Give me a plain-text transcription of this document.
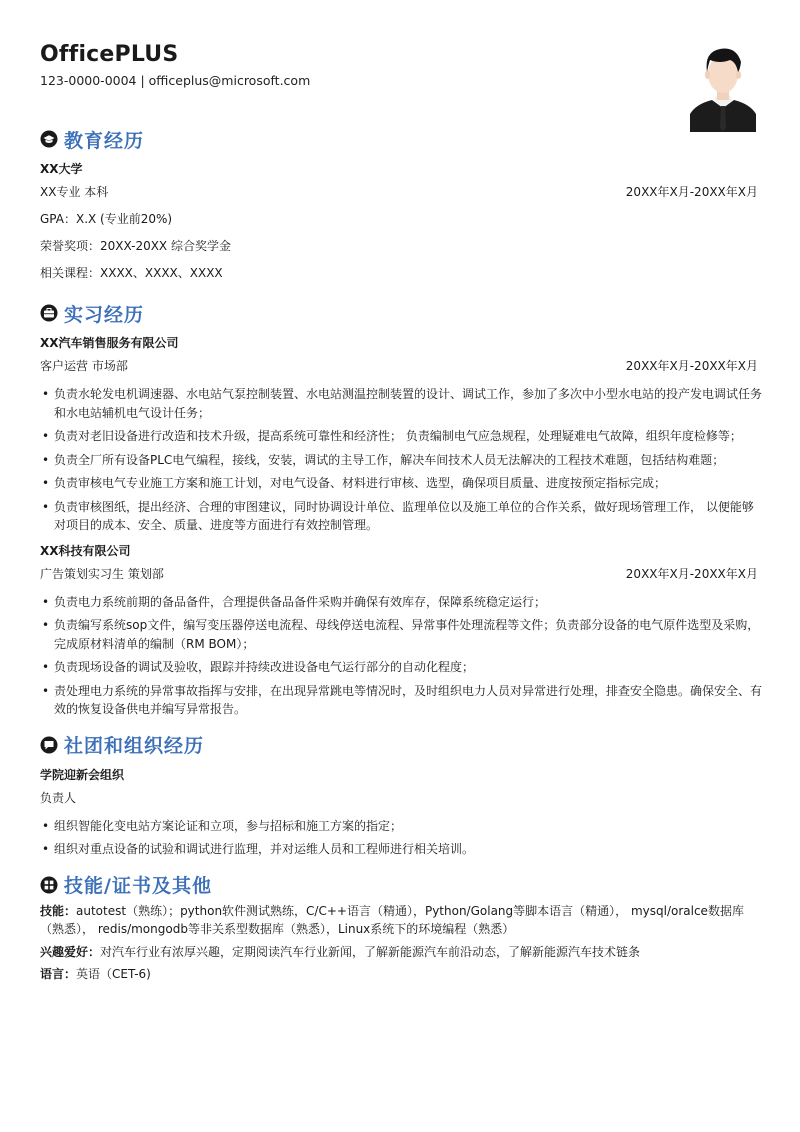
OfficePLUS
123-0000-0004 | officeplus@microsoft.com
教育经历
XX大学
XX专业 本科	20XX年X月-20XX年X月
GPA：X.X (专业前20%)
荣誉奖项：20XX-20XX 综合奖学金
相关课程：XXXX、XXXX、XXXX
实习经历
XX汽车销售服务有限公司
客户运营 市场部	20XX年X月-20XX年X月
• 负责水轮发电机调速器、水电站气泵控制装置、水电站测温控制装置的设计、调试工作，参加了多次中小型水电站的投产发电调试任务和水电站辅机电气设计任务；
• 负责对老旧设备进行改造和技术升级，提高系统可靠性和经济性； 负责编制电气应急规程，处理疑难电气故障，组织年度检修等；
• 负责全厂所有设备PLC电气编程，接线，安装，调试的主导工作，解决车间技术人员无法解决的工程技术难题，包括结构难题；
• 负责审核电气专业施工方案和施工计划，对电气设备、材料进行审核、选型，确保项目质量、进度按预定指标完成；
• 负责审核图纸，提出经济、合理的审图建议，同时协调设计单位、监理单位以及施工单位的合作关系，做好现场管理工作， 以便能够对项目的成本、安全、质量、进度等方面进行有效控制管理。
XX科技有限公司
广告策划实习生 策划部	20XX年X月-20XX年X月
• 负责电力系统前期的备品备件，合理提供备品备件采购并确保有效库存，保障系统稳定运行；
• 负责编写系统sop文件，编写变压器停送电流程、母线停送电流程、异常事件处理流程等文件；负责部分设备的电气原件选型及采购，完成原材料清单的编制（RM BOM）；
• 负责现场设备的调试及验收，跟踪并持续改进设备电气运行部分的自动化程度；
• 责处理电力系统的异常事故指挥与安排，在出现异常跳电等情况时，及时组织电力人员对异常进行处理，排查安全隐患。确保安全、有效的恢复设备供电并编写异常报告。
社团和组织经历
学院迎新会组织
负责人
• 组织智能化变电站方案论证和立项，参与招标和施工方案的指定；
• 组织对重点设备的试验和调试进行监理，并对运维人员和工程师进行相关培训。
技能/证书及其他
技能：autotest（熟练）；python软件测试熟练，C/C++语言（精通），Python/Golang等脚本语言（精通）， mysql/oralce数据库（熟悉）， redis/mongodb等非关系型数据库（熟悉），Linux系统下的环境编程（熟悉）
兴趣爱好：对汽车行业有浓厚兴趣，定期阅读汽车行业新闻，了解新能源汽车前沿动态，了解新能源汽车技术链条
语言：英语（CET-6)
